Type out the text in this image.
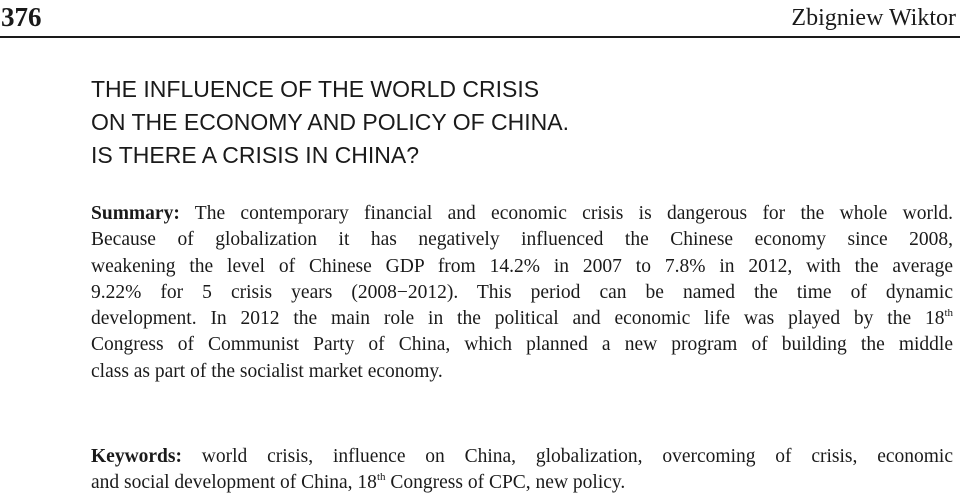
376	Zbigniew Wiktor
THE INFLUENCE OF THE WORLD CRISIS
ON THE ECONOMY AND POLICY OF CHINA.
IS THERE A CRISIS IN CHINA?
Summary: The contemporary financial and economic crisis is dangerous for the whole world.
Because of globalization it has negatively influenced the Chinese economy since 2008,
weakening the level of Chinese GDP from 14.2% in 2007 to 7.8% in 2012, with the average
9.22% for 5 crisis years (2008−2012). This period can be named the time of dynamic
development. In 2012 the main role in the political and economic life was played by the 18th
Congress of Communist Party of China, which planned a new program of building the middle
class as part of the socialist market economy.
Keywords: world crisis, influence on China, globalization, overcoming of crisis, economic
and social development of China, 18th Congress of CPC, new policy.
